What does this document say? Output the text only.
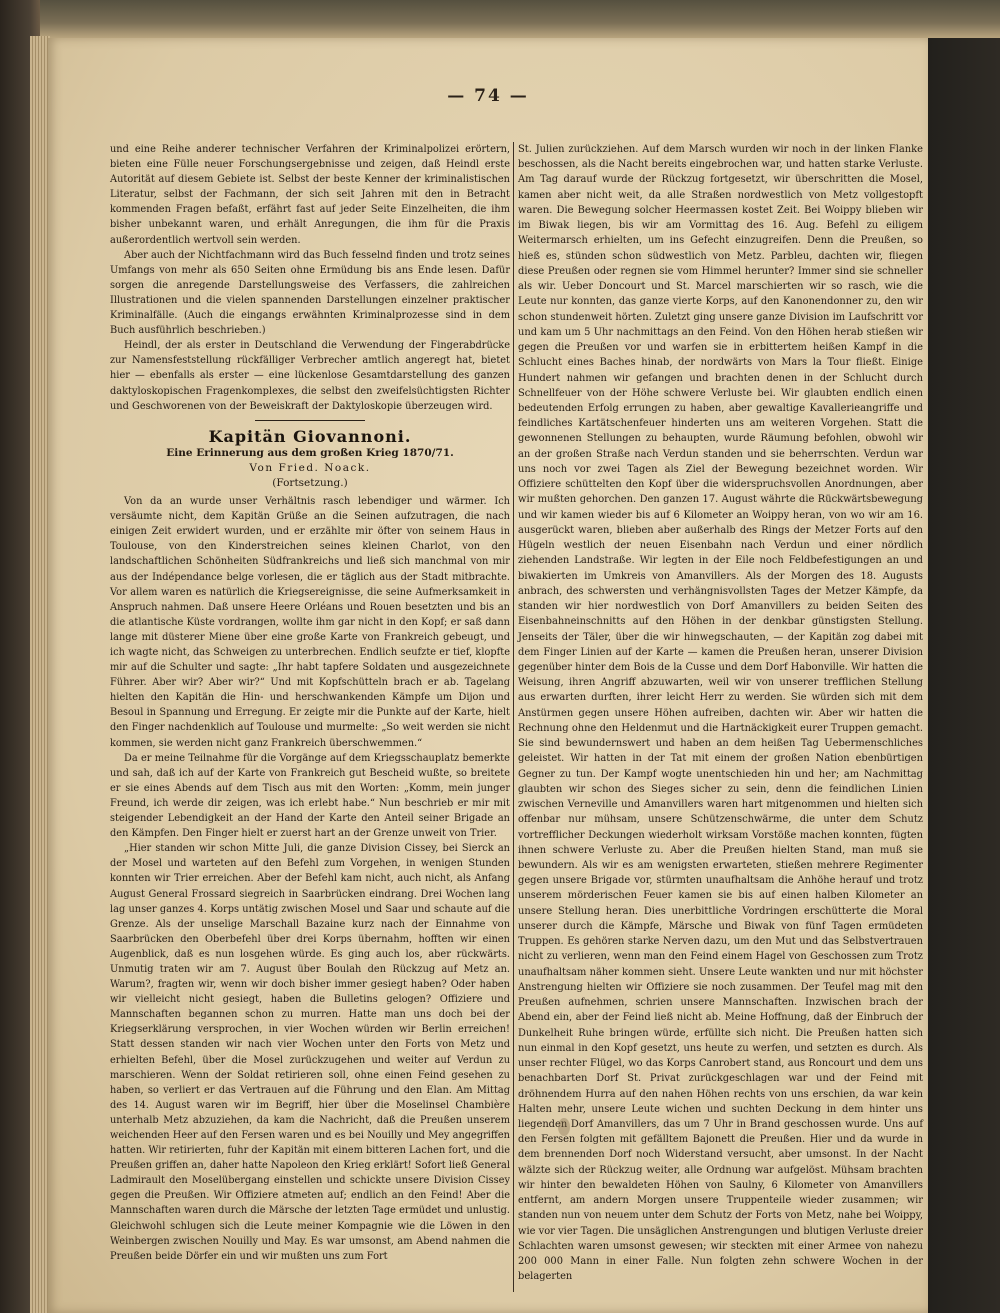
— 74 —

und eine Reihe anderer technischer Verfahren der Kriminalpolizei erörtern, bieten eine Fülle neuer Forschungsergebnisse und zeigen, daß Heindl erste Autorität auf diesem Gebiete ist. Selbst der beste Kenner der kriminalistischen Literatur, selbst der Fachmann, der sich seit Jahren mit den in Betracht kommenden Fragen befaßt, erfährt fast auf jeder Seite Einzelheiten, die ihm bisher unbekannt waren, und erhält Anregungen, die ihm für die Praxis außerordentlich wertvoll sein werden.

Aber auch der Nichtfachmann wird das Buch fesselnd finden und trotz seines Umfangs von mehr als 650 Seiten ohne Ermüdung bis ans Ende lesen. Dafür sorgen die anregende Darstellungsweise des Verfassers, die zahlreichen Illustrationen und die vielen spannenden Darstellungen einzelner praktischer Kriminalfälle. (Auch die eingangs erwähnten Kriminalprozesse sind in dem Buch ausführlich beschrieben.)

Heindl, der als erster in Deutschland die Verwendung der Fingerabdrücke zur Namensfeststellung rückfälliger Verbrecher amtlich angeregt hat, bietet hier — ebenfalls als erster — eine lückenlose Gesamtdarstellung des ganzen daktyloskopischen Fragenkomplexes, die selbst den zweifelsüchtigsten Richter und Geschworenen von der Beweiskraft der Daktyloskopie überzeugen wird.

Kapitän Giovannoni.
Eine Erinnerung aus dem großen Krieg 1870/71.
Von Fried. Noack.
(Fortsetzung.)

Von da an wurde unser Verhältnis rasch lebendiger und wärmer. Ich versäumte nicht, dem Kapitän Grüße an die Seinen aufzutragen, die nach einigen Zeit erwidert wurden, und er erzählte mir öfter von seinem Haus in Toulouse, von den Kinderstreichen seines kleinen Charlot, von den landschaftlichen Schönheiten Südfrankreichs und ließ sich manchmal von mir aus der Indépendance belge vorlesen, die er täglich aus der Stadt mitbrachte. Vor allem waren es natürlich die Kriegsereignisse, die seine Aufmerksamkeit in Anspruch nahmen. Daß unsere Heere Orléans und Rouen besetzten und bis an die atlantische Küste vordrangen, wollte ihm gar nicht in den Kopf; er saß dann lange mit düsterer Miene über eine große Karte von Frankreich gebeugt, und ich wagte nicht, das Schweigen zu unterbrechen. Endlich seufzte er tief, klopfte mir auf die Schulter und sagte: „Ihr habt tapfere Soldaten und ausgezeichnete Führer. Aber wir? Aber wir?“ Und mit Kopfschütteln brach er ab. Tagelang hielten den Kapitän die Hin- und herschwankenden Kämpfe um Dijon und Besoul in Spannung und Erregung. Er zeigte mir die Punkte auf der Karte, hielt den Finger nachdenklich auf Toulouse und murmelte: „So weit werden sie nicht kommen, sie werden nicht ganz Frankreich überschwemmen.“

Da er meine Teilnahme für die Vorgänge auf dem Kriegsschauplatz bemerkte und sah, daß ich auf der Karte von Frankreich gut Bescheid wußte, so breitete er sie eines Abends auf dem Tisch aus mit den Worten: „Komm, mein junger Freund, ich werde dir zeigen, was ich erlebt habe.“ Nun beschrieb er mir mit steigender Lebendigkeit an der Hand der Karte den Anteil seiner Brigade an den Kämpfen. Den Finger hielt er zuerst hart an der Grenze unweit von Trier.

„Hier standen wir schon Mitte Juli, die ganze Division Cissey, bei Sierck an der Mosel und warteten auf den Befehl zum Vorgehen, in wenigen Stunden konnten wir Trier erreichen. Aber der Befehl kam nicht, auch nicht, als Anfang August General Frossard siegreich in Saarbrücken eindrang. Drei Wochen lang lag unser ganzes 4. Korps untätig zwischen Mosel und Saar und schaute auf die Grenze. Als der unselige Marschall Bazaine kurz nach der Einnahme von Saarbrücken den Oberbefehl über drei Korps übernahm, hofften wir einen Augenblick, daß es nun losgehen würde. Es ging auch los, aber rückwärts. Unmutig traten wir am 7. August über Boulah den Rückzug auf Metz an. Warum?, fragten wir, wenn wir doch bisher immer gesiegt haben? Oder haben wir vielleicht nicht gesiegt, haben die Bulletins gelogen? Offiziere und Mannschaften begannen schon zu murren. Hatte man uns doch bei der Kriegserklärung versprochen, in vier Wochen würden wir Berlin erreichen! Statt dessen standen wir nach vier Wochen unter den Forts von Metz und erhielten Befehl, über die Mosel zurückzugehen und weiter auf Verdun zu marschieren. Wenn der Soldat retirieren soll, ohne einen Feind gesehen zu haben, so verliert er das Vertrauen auf die Führung und den Elan. Am Mittag des 14. August waren wir im Begriff, hier über die Moselinsel Chambière unterhalb Metz abzuziehen, da kam die Nachricht, daß die Preußen unserem weichenden Heer auf den Fersen waren und es bei Nouilly und Mey angegriffen hatten. Wir retirierten, fuhr der Kapitän mit einem bitteren Lachen fort, und die Preußen griffen an, daher hatte Napoleon den Krieg erklärt! Sofort ließ General Ladmirault den Moselübergang einstellen und schickte unsere Division Cissey gegen die Preußen. Wir Offiziere atmeten auf; endlich an den Feind! Aber die Mannschaften waren durch die Märsche der letzten Tage ermüdet und unlustig. Gleichwohl schlugen sich die Leute meiner Kompagnie wie die Löwen in den Weinbergen zwischen Nouilly und May. Es war umsonst, am Abend nahmen die Preußen beide Dörfer ein und wir mußten uns zum Fort

St. Julien zurückziehen. Auf dem Marsch wurden wir noch in der linken Flanke beschossen, als die Nacht bereits eingebrochen war, und hatten starke Verluste. Am Tag darauf wurde der Rückzug fortgesetzt, wir überschritten die Mosel, kamen aber nicht weit, da alle Straßen nordwestlich von Metz vollgestopft waren. Die Bewegung solcher Heermassen kostet Zeit. Bei Woippy blieben wir im Biwak liegen, bis wir am Vormittag des 16. Aug. Befehl zu eiligem Weitermarsch erhielten, um ins Gefecht einzugreifen. Denn die Preußen, so hieß es, stünden schon südwestlich von Metz. Parbleu, dachten wir, fliegen diese Preußen oder regnen sie vom Himmel herunter? Immer sind sie schneller als wir. Ueber Doncourt und St. Marcel marschierten wir so rasch, wie die Leute nur konnten, das ganze vierte Korps, auf den Kanonendonner zu, den wir schon stundenweit hörten. Zuletzt ging unsere ganze Division im Laufschritt vor und kam um 5 Uhr nachmittags an den Feind. Von den Höhen herab stießen wir gegen die Preußen vor und warfen sie in erbittertem heißen Kampf in die Schlucht eines Baches hinab, der nordwärts von Mars la Tour fließt. Einige Hundert nahmen wir gefangen und brachten denen in der Schlucht durch Schnellfeuer von der Höhe schwere Verluste bei. Wir glaubten endlich einen bedeutenden Erfolg errungen zu haben, aber gewaltige Kavallerieangriffe und feindliches Kartätschenfeuer hinderten uns am weiteren Vorgehen. Statt die gewonnenen Stellungen zu behaupten, wurde Räumung befohlen, obwohl wir an der großen Straße nach Verdun standen und sie beherrschten. Verdun war uns noch vor zwei Tagen als Ziel der Bewegung bezeichnet worden. Wir Offiziere schüttelten den Kopf über die widerspruchsvollen Anordnungen, aber wir mußten gehorchen. Den ganzen 17. August währte die Rückwärtsbewegung und wir kamen wieder bis auf 6 Kilometer an Woippy heran, von wo wir am 16. ausgerückt waren, blieben aber außerhalb des Rings der Metzer Forts auf den Hügeln westlich der neuen Eisenbahn nach Verdun und einer nördlich ziehenden Landstraße. Wir legten in der Eile noch Feldbefestigungen an und biwakierten im Umkreis von Amanvillers. Als der Morgen des 18. Augusts anbrach, des schwersten und verhängnisvollsten Tages der Metzer Kämpfe, da standen wir hier nordwestlich von Dorf Amanvillers zu beiden Seiten des Eisenbahneinschnitts auf den Höhen in der denkbar günstigsten Stellung. Jenseits der Täler, über die wir hinwegschauten, — der Kapitän zog dabei mit dem Finger Linien auf der Karte — kamen die Preußen heran, unserer Division gegenüber hinter dem Bois de la Cusse und dem Dorf Habonville. Wir hatten die Weisung, ihren Angriff abzuwarten, weil wir von unserer trefflichen Stellung aus erwarten durften, ihrer leicht Herr zu werden. Sie würden sich mit dem Anstürmen gegen unsere Höhen aufreiben, dachten wir. Aber wir hatten die Rechnung ohne den Heldenmut und die Hartnäckigkeit eurer Truppen gemacht. Sie sind bewundernswert und haben an dem heißen Tag Uebermenschliches geleistet. Wir hatten in der Tat mit einem der großen Nation ebenbürtigen Gegner zu tun. Der Kampf wogte unentschieden hin und her; am Nachmittag glaubten wir schon des Sieges sicher zu sein, denn die feindlichen Linien zwischen Verneville und Amanvillers waren hart mitgenommen und hielten sich offenbar nur mühsam, unsere Schützenschwärme, die unter dem Schutz vortrefflicher Deckungen wiederholt wirksam Vorstöße machen konnten, fügten ihnen schwere Verluste zu. Aber die Preußen hielten Stand, man muß sie bewundern. Als wir es am wenigsten erwarteten, stießen mehrere Regimenter gegen unsere Brigade vor, stürmten unaufhaltsam die Anhöhe herauf und trotz unserem mörderischen Feuer kamen sie bis auf einen halben Kilometer an unsere Stellung heran. Dies unerbittliche Vordringen erschütterte die Moral unserer durch die Kämpfe, Märsche und Biwak von fünf Tagen ermüdeten Truppen. Es gehören starke Nerven dazu, um den Mut und das Selbstvertrauen nicht zu verlieren, wenn man den Feind einem Hagel von Geschossen zum Trotz unaufhaltsam näher kommen sieht. Unsere Leute wankten und nur mit höchster Anstrengung hielten wir Offiziere sie noch zusammen. Der Teufel mag mit den Preußen aufnehmen, schrien unsere Mannschaften. Inzwischen brach der Abend ein, aber der Feind ließ nicht ab. Meine Hoffnung, daß der Einbruch der Dunkelheit Ruhe bringen würde, erfüllte sich nicht. Die Preußen hatten sich nun einmal in den Kopf gesetzt, uns heute zu werfen, und setzten es durch. Als unser rechter Flügel, wo das Korps Canrobert stand, aus Roncourt und dem uns benachbarten Dorf St. Privat zurückgeschlagen war und der Feind mit dröhnendem Hurra auf den nahen Höhen rechts von uns erschien, da war kein Halten mehr, unsere Leute wichen und suchten Deckung in dem hinter uns liegenden Dorf Amanvillers, das um 7 Uhr in Brand geschossen wurde. Uns auf den Fersen folgten mit gefälltem Bajonett die Preußen. Hier und da wurde in dem brennenden Dorf noch Widerstand versucht, aber umsonst. In der Nacht wälzte sich der Rückzug weiter, alle Ordnung war aufgelöst. Mühsam brachten wir hinter den bewaldeten Höhen von Saulny, 6 Kilometer von Amanvillers entfernt, am andern Morgen unsere Truppenteile wieder zusammen; wir standen nun von neuem unter dem Schutz der Forts von Metz, nahe bei Woippy, wie vor vier Tagen. Die unsäglichen Anstrengungen und blutigen Verluste dreier Schlachten waren umsonst gewesen; wir steckten mit einer Armee von nahezu 200 000 Mann in einer Falle. Nun folgten zehn schwere Wochen in der belagerten
